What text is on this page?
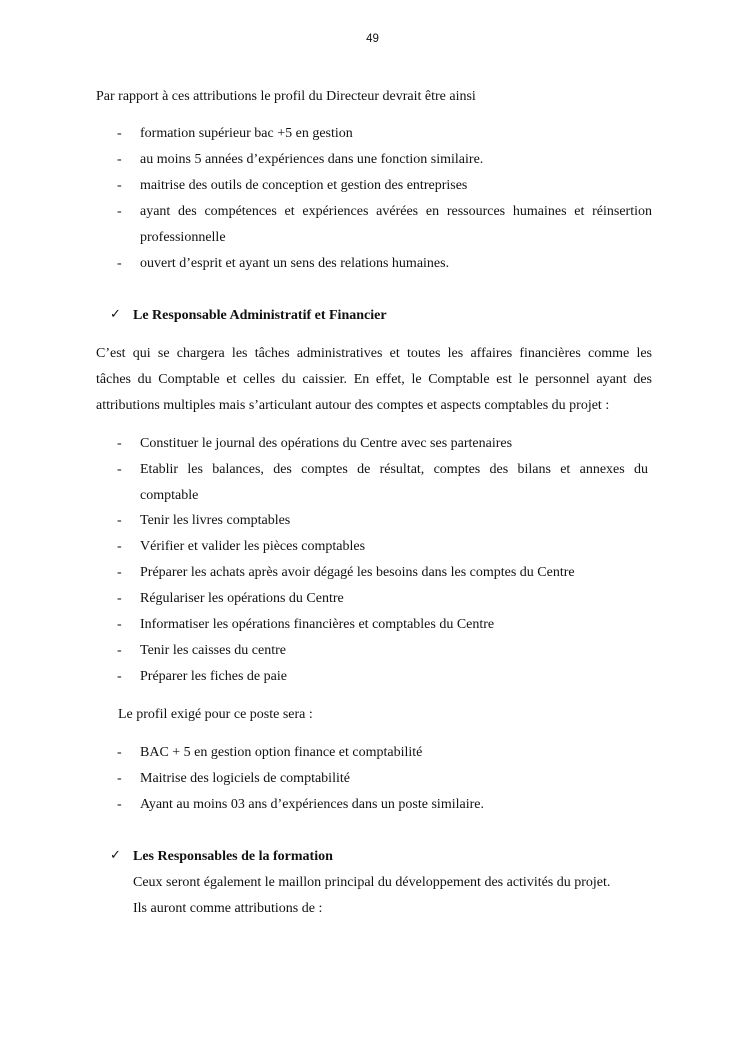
49
Par rapport à ces attributions le profil du Directeur devrait être ainsi
- formation supérieur bac +5 en gestion
- au moins 5 années d’expériences dans une fonction similaire.
- maitrise des outils de conception et gestion des entreprises
- ayant des compétences et expériences avérées en ressources humaines et réinsertion
professionnelle
- ouvert d’esprit et ayant un sens des relations humaines.
✓ Le Responsable Administratif et Financier
C’est qui se chargera les tâches administratives et toutes les affaires financières comme les
tâches du Comptable et celles du caissier. En effet, le Comptable est le personnel ayant des
attributions multiples mais s’articulant autour des comptes et aspects comptables du projet :
- Constituer le journal des opérations du Centre avec ses partenaires
- Etablir les balances, des comptes de résultat, comptes des bilans et annexes du
comptable
- Tenir les livres comptables
- Vérifier et valider les pièces comptables
- Préparer les achats après avoir dégagé les besoins dans les comptes du Centre
- Régulariser les opérations du Centre
- Informatiser les opérations financières et comptables du Centre
- Tenir les caisses du centre
- Préparer les fiches de paie
Le profil exigé pour ce poste sera :
- BAC + 5 en gestion option finance et comptabilité
- Maitrise des logiciels de comptabilité
- Ayant au moins 03 ans d’expériences dans un poste similaire.
✓ Les Responsables de la formation
Ceux seront également le maillon principal du développement des activités du projet.
Ils auront comme attributions de :
